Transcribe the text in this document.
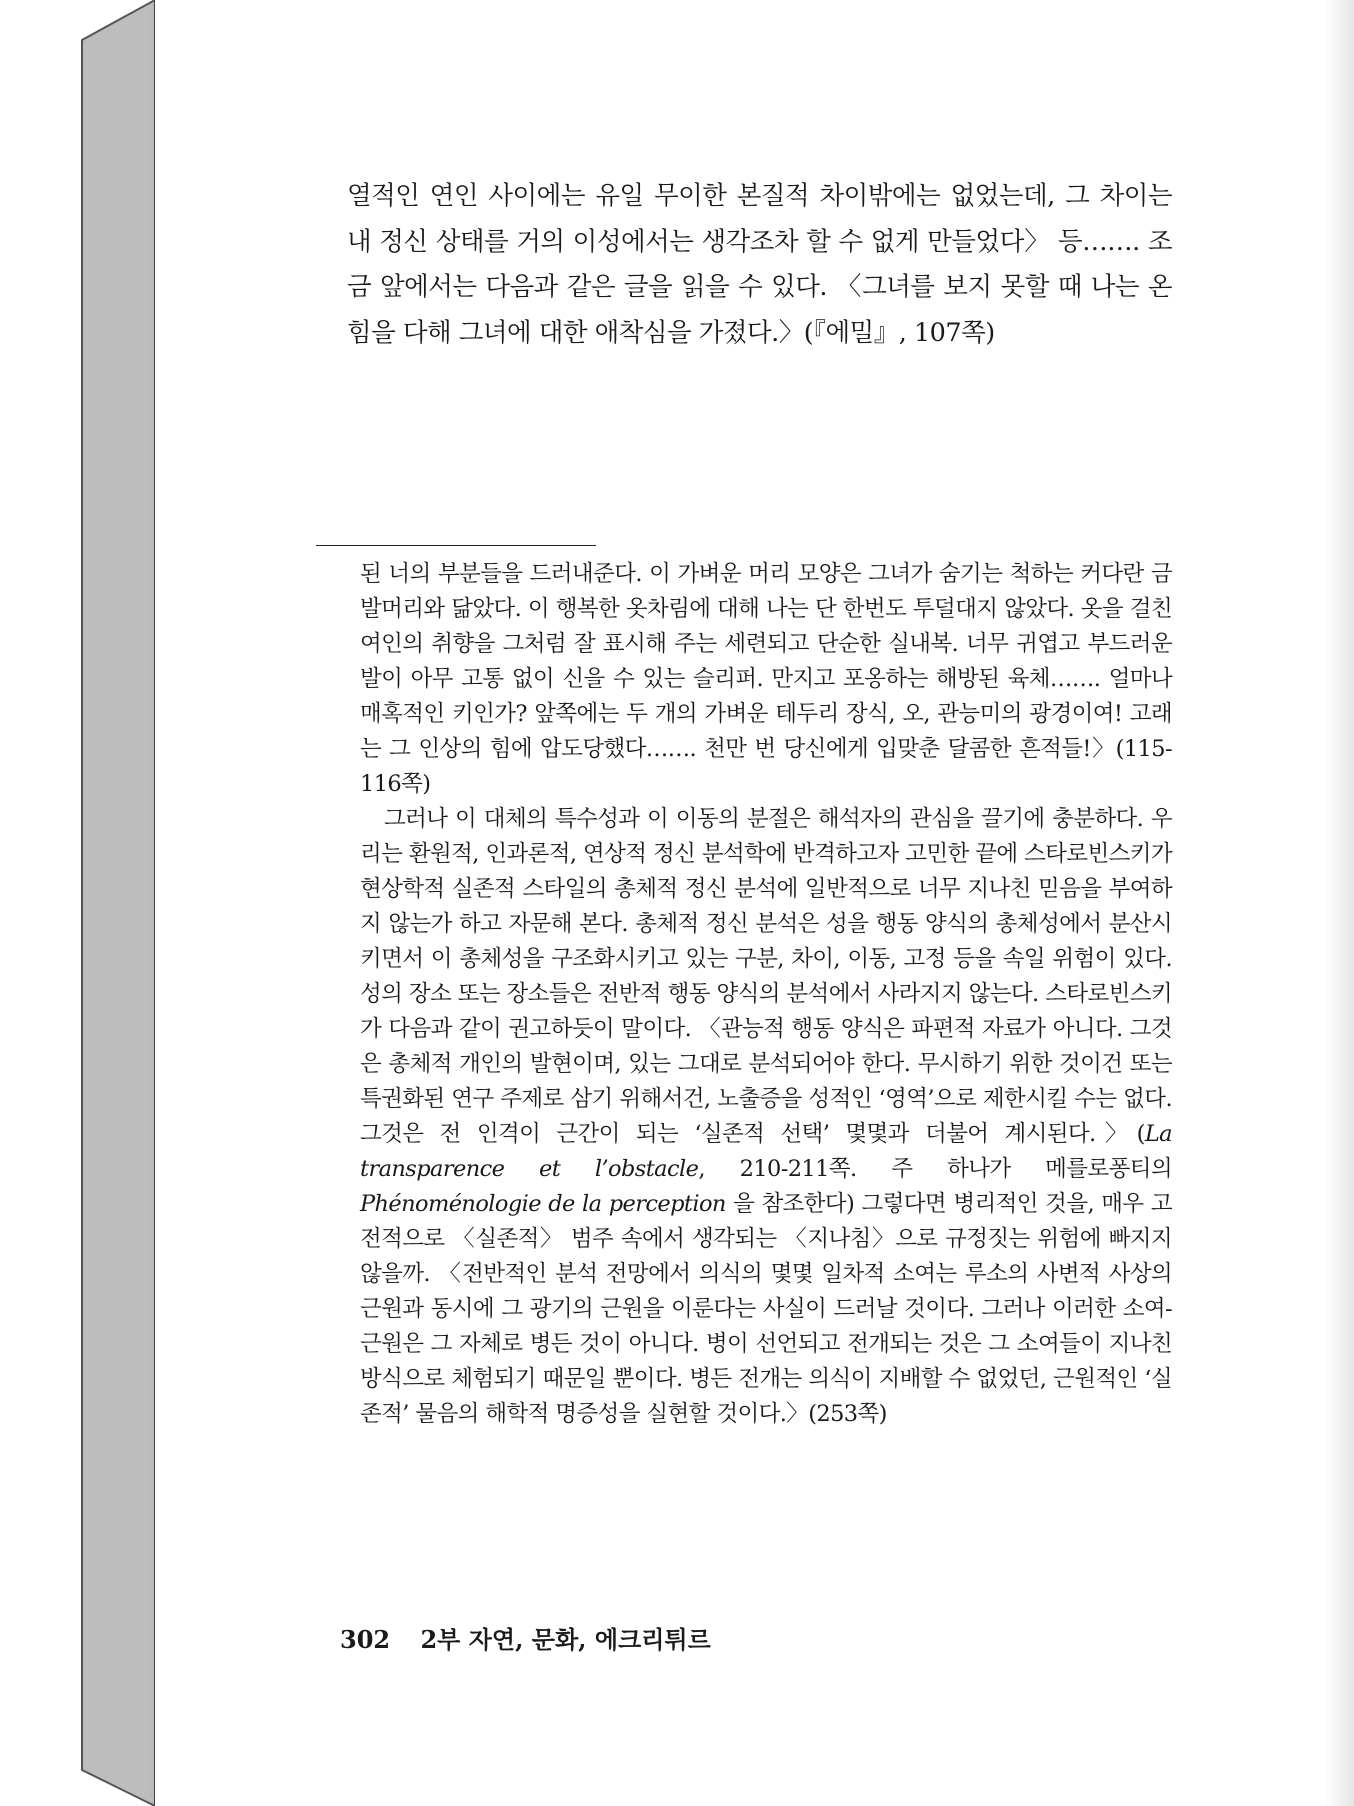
열적인 연인 사이에는 유일 무이한 본질적 차이밖에는 없었는데, 그 차이는 내 정신 상태를 거의 이성에서는 생각조차 할 수 없게 만들었다〉 등……. 조금 앞에서는 다음과 같은 글을 읽을 수 있다. 〈그녀를 보지 못할 때 나는 온 힘을 다해 그녀에 대한 애착심을 가졌다.〉(『에밀』, 107쪽)

된 너의 부분들을 드러내준다. 이 가벼운 머리 모양은 그녀가 숨기는 척하는 커다란 금발머리와 닮았다. 이 행복한 옷차림에 대해 나는 단 한번도 투덜대지 않았다. 옷을 걸친 여인의 취향을 그처럼 잘 표시해 주는 세련되고 단순한 실내복. 너무 귀엽고 부드러운 발이 아무 고통 없이 신을 수 있는 슬리퍼. 만지고 포옹하는 해방된 육체……. 얼마나 매혹적인 키인가? 앞쪽에는 두 개의 가벼운 테두리 장식, 오, 관능미의 광경이여! 고래는 그 인상의 힘에 압도당했다……. 천만 번 당신에게 입맞춘 달콤한 흔적들!〉(115-116쪽)

그러나 이 대체의 특수성과 이 이동의 분절은 해석자의 관심을 끌기에 충분하다. 우리는 환원적, 인과론적, 연상적 정신 분석학에 반격하고자 고민한 끝에 스타로빈스키가 현상학적 실존적 스타일의 총체적 정신 분석에 일반적으로 너무 지나친 믿음을 부여하지 않는가 하고 자문해 본다. 총체적 정신 분석은 성을 행동 양식의 총체성에서 분산시키면서 이 총체성을 구조화시키고 있는 구분, 차이, 이동, 고정 등을 속일 위험이 있다. 성의 장소 또는 장소들은 전반적 행동 양식의 분석에서 사라지지 않는다. 스타로빈스키가 다음과 같이 권고하듯이 말이다. 〈관능적 행동 양식은 파편적 자료가 아니다. 그것은 총체적 개인의 발현이며, 있는 그대로 분석되어야 한다. 무시하기 위한 것이건 또는 특권화된 연구 주제로 삼기 위해서건, 노출증을 성적인 ‘영역’으로 제한시킬 수는 없다. 그것은 전 인격이 근간이 되는 ‘실존적 선택’ 몇몇과 더불어 계시된다.〉(La transparence et l’obstacle, 210-211쪽. 주 하나가 메를로퐁티의 Phénoménologie de la perception 을 참조한다) 그렇다면 병리적인 것을, 매우 고전적으로 〈실존적〉 범주 속에서 생각되는 〈지나침〉으로 규정짓는 위험에 빠지지 않을까. 〈전반적인 분석 전망에서 의식의 몇몇 일차적 소여는 루소의 사변적 사상의 근원과 동시에 그 광기의 근원을 이룬다는 사실이 드러날 것이다. 그러나 이러한 소여-근원은 그 자체로 병든 것이 아니다. 병이 선언되고 전개되는 것은 그 소여들이 지나친 방식으로 체험되기 때문일 뿐이다. 병든 전개는 의식이 지배할 수 없었던, 근원적인 ‘실존적’ 물음의 해학적 명증성을 실현할 것이다.〉(253쪽)

302 2부 자연, 문화, 에크리튀르
